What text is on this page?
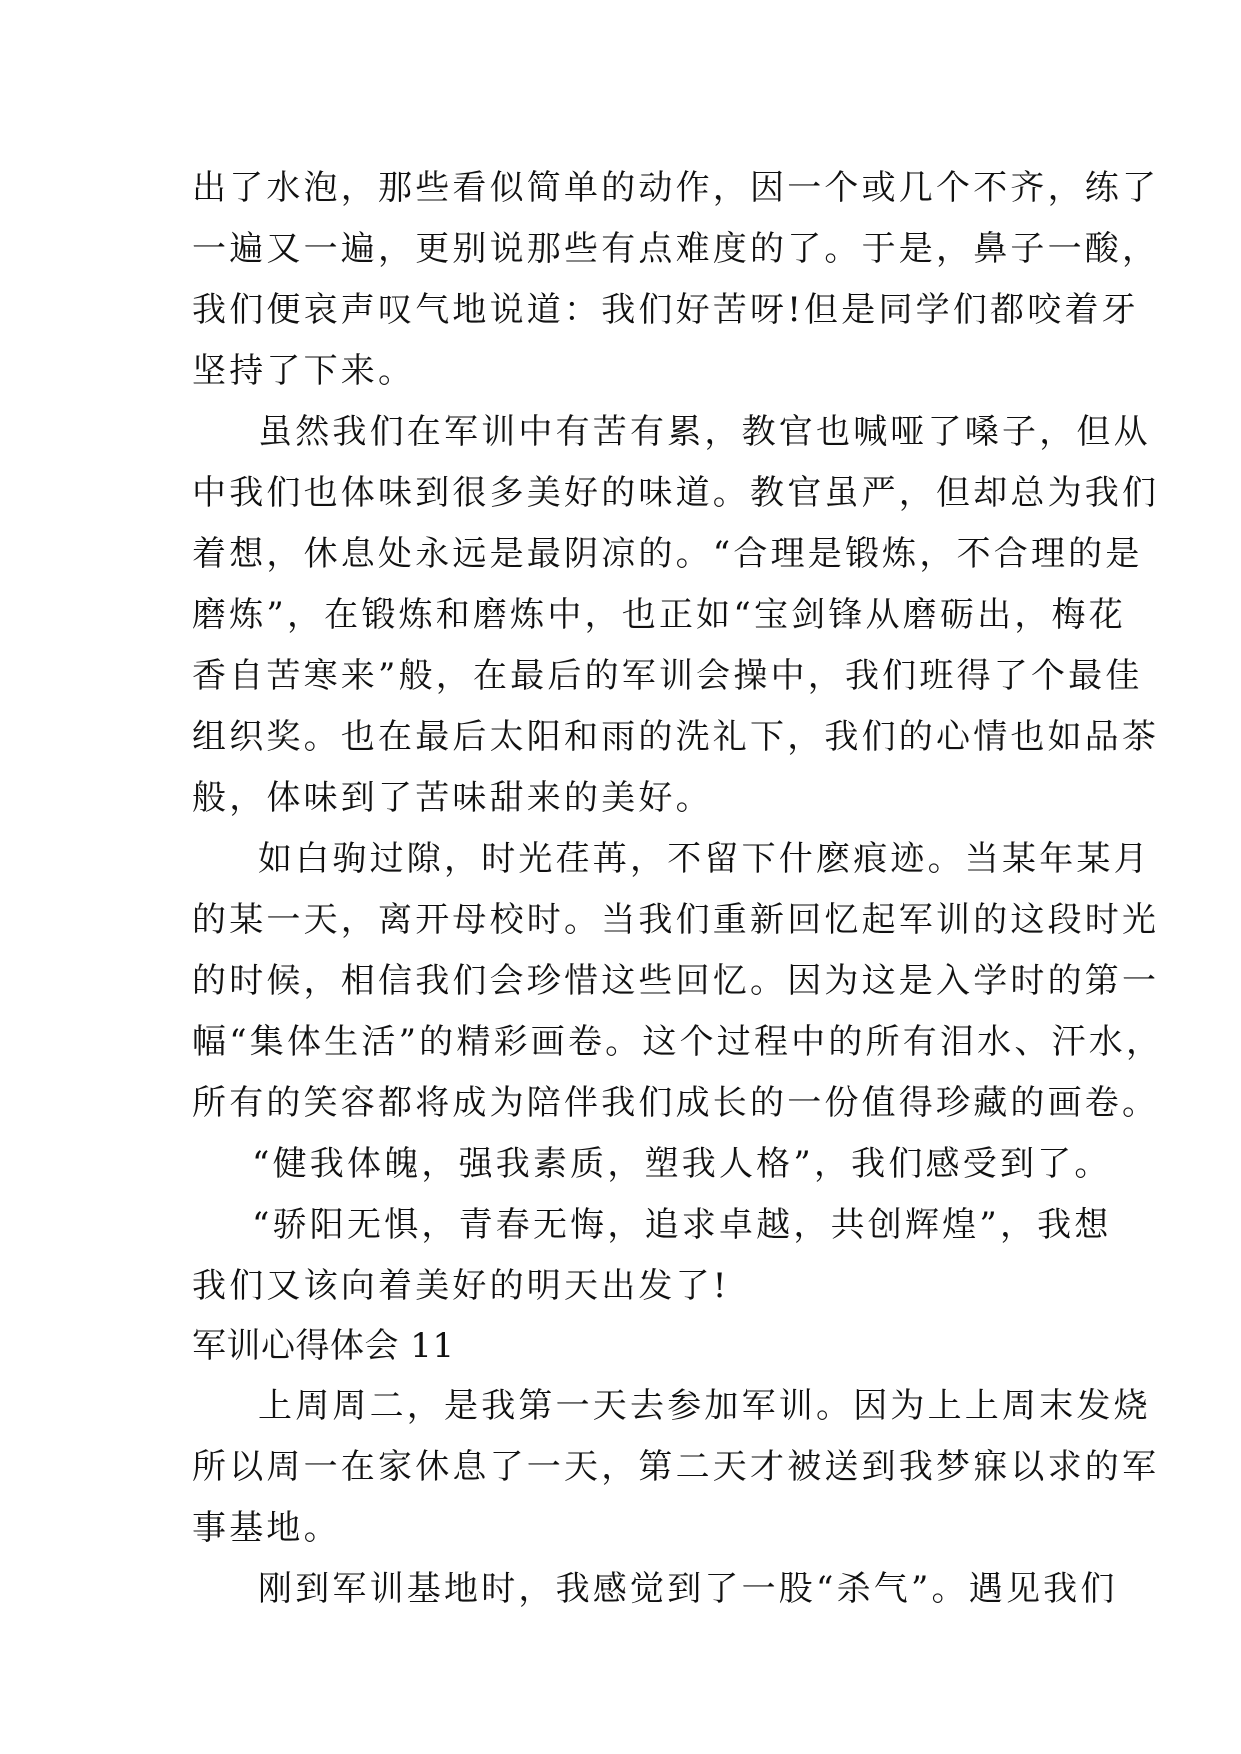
出了水泡，那些看似简单的动作，因一个或几个不齐，练了
一遍又一遍，更别说那些有点难度的了。于是，鼻子一酸，
我们便哀声叹气地说道：我们好苦呀!但是同学们都咬着牙
坚持了下来。
虽然我们在军训中有苦有累，教官也喊哑了嗓子，但从
中我们也体味到很多美好的味道。教官虽严，但却总为我们
着想，休息处永远是最阴凉的。“合理是锻炼，不合理的是
磨炼”，在锻炼和磨炼中，也正如“宝剑锋从磨砺出，梅花
香自苦寒来”般，在最后的军训会操中，我们班得了个最佳
组织奖。也在最后太阳和雨的洗礼下，我们的心情也如品茶
般，体味到了苦味甜来的美好。
如白驹过隙，时光荏苒，不留下什麽痕迹。当某年某月
的某一天，离开母校时。当我们重新回忆起军训的这段时光
的时候，相信我们会珍惜这些回忆。因为这是入学时的第一
幅“集体生活”的精彩画卷。这个过程中的所有泪水、汗水，
所有的笑容都将成为陪伴我们成长的一份值得珍藏的画卷。
“健我体魄，强我素质，塑我人格”，我们感受到了。
“骄阳无惧，青春无悔，追求卓越，共创辉煌”，我想
我们又该向着美好的明天出发了!
军训心得体会 11
上周周二，是我第一天去参加军训。因为上上周末发烧
所以周一在家休息了一天，第二天才被送到我梦寐以求的军
事基地。
刚到军训基地时，我感觉到了一股“杀气”。遇见我们
